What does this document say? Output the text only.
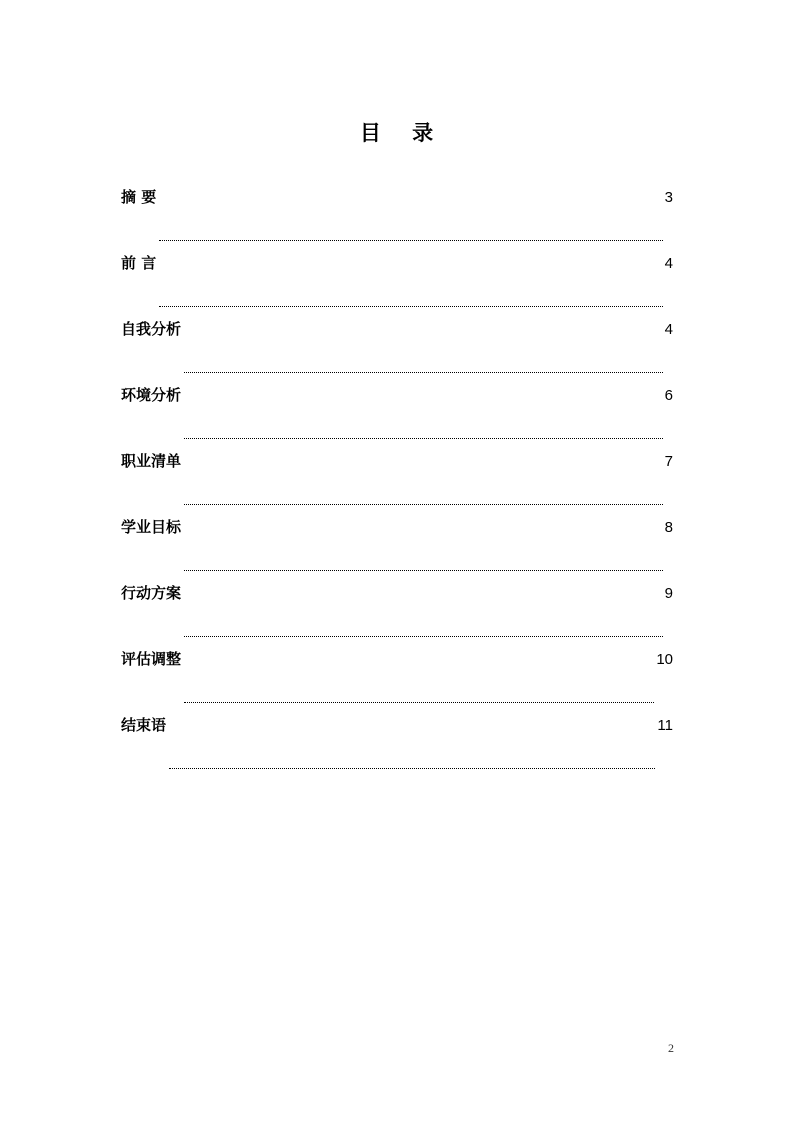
目 录
摘 要	3
前 言	4
自我分析	4
环境分析	6
职业清单	7
学业目标	8
行动方案	9
评估调整	10
结束语	11
2
